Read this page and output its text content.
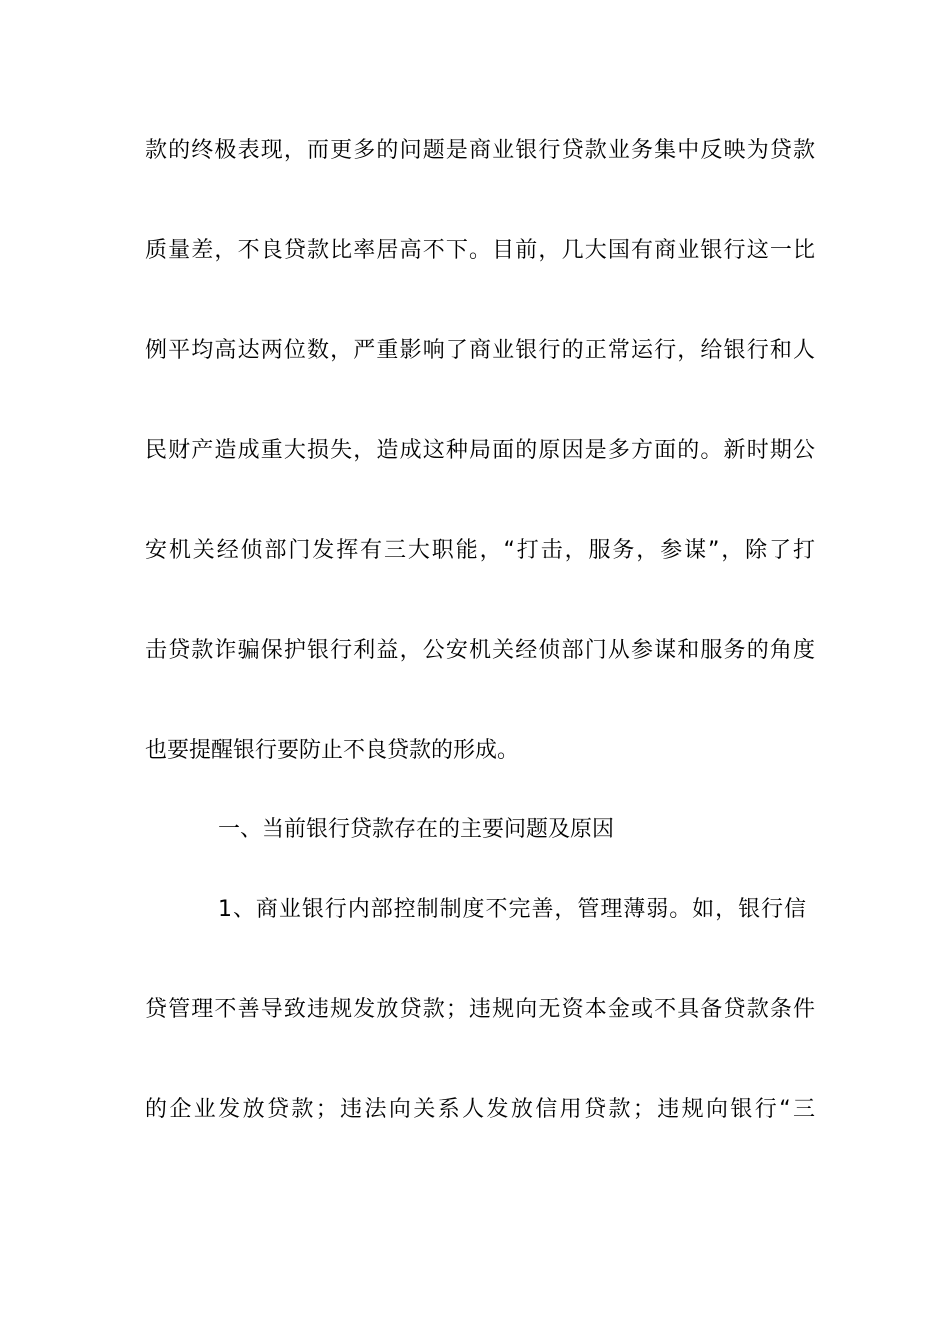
款的终极表现，而更多的问题是商业银行贷款业务集中反映为贷款
质量差，不良贷款比率居高不下。目前，几大国有商业银行这一比
例平均高达两位数，严重影响了商业银行的正常运行，给银行和人
民财产造成重大损失，造成这种局面的原因是多方面的。新时期公
安机关经侦部门发挥有三大职能，“打击，服务，参谋”，除了打
击贷款诈骗保护银行利益，公安机关经侦部门从参谋和服务的角度
也要提醒银行要防止不良贷款的形成。
一、当前银行贷款存在的主要问题及原因
1、商业银行内部控制制度不完善，管理薄弱。如，银行信
贷管理不善导致违规发放贷款；违规向无资本金或不具备贷款条件
的企业发放贷款；违法向关系人发放信用贷款；违规向银行“三
